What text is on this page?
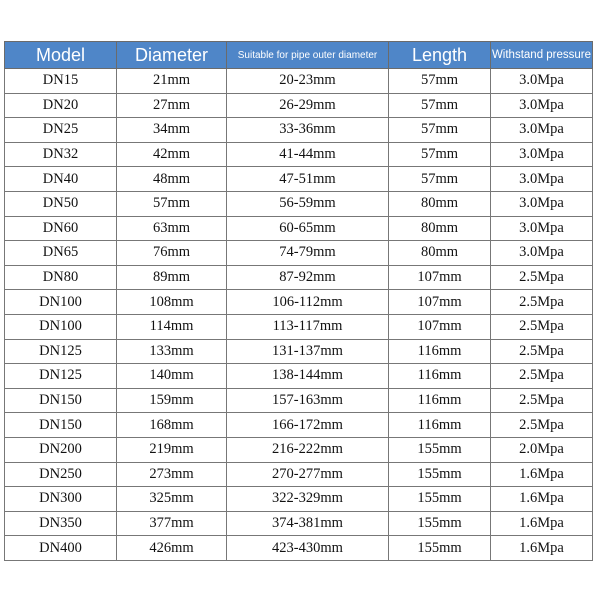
Model	Diameter	Suitable for pipe outer diameter	Length	Withstand pressure
DN15	21mm	20-23mm	57mm	3.0Mpa
DN20	27mm	26-29mm	57mm	3.0Mpa
DN25	34mm	33-36mm	57mm	3.0Mpa
DN32	42mm	41-44mm	57mm	3.0Mpa
DN40	48mm	47-51mm	57mm	3.0Mpa
DN50	57mm	56-59mm	80mm	3.0Mpa
DN60	63mm	60-65mm	80mm	3.0Mpa
DN65	76mm	74-79mm	80mm	3.0Mpa
DN80	89mm	87-92mm	107mm	2.5Mpa
DN100	108mm	106-112mm	107mm	2.5Mpa
DN100	114mm	113-117mm	107mm	2.5Mpa
DN125	133mm	131-137mm	116mm	2.5Mpa
DN125	140mm	138-144mm	116mm	2.5Mpa
DN150	159mm	157-163mm	116mm	2.5Mpa
DN150	168mm	166-172mm	116mm	2.5Mpa
DN200	219mm	216-222mm	155mm	2.0Mpa
DN250	273mm	270-277mm	155mm	1.6Mpa
DN300	325mm	322-329mm	155mm	1.6Mpa
DN350	377mm	374-381mm	155mm	1.6Mpa
DN400	426mm	423-430mm	155mm	1.6Mpa
